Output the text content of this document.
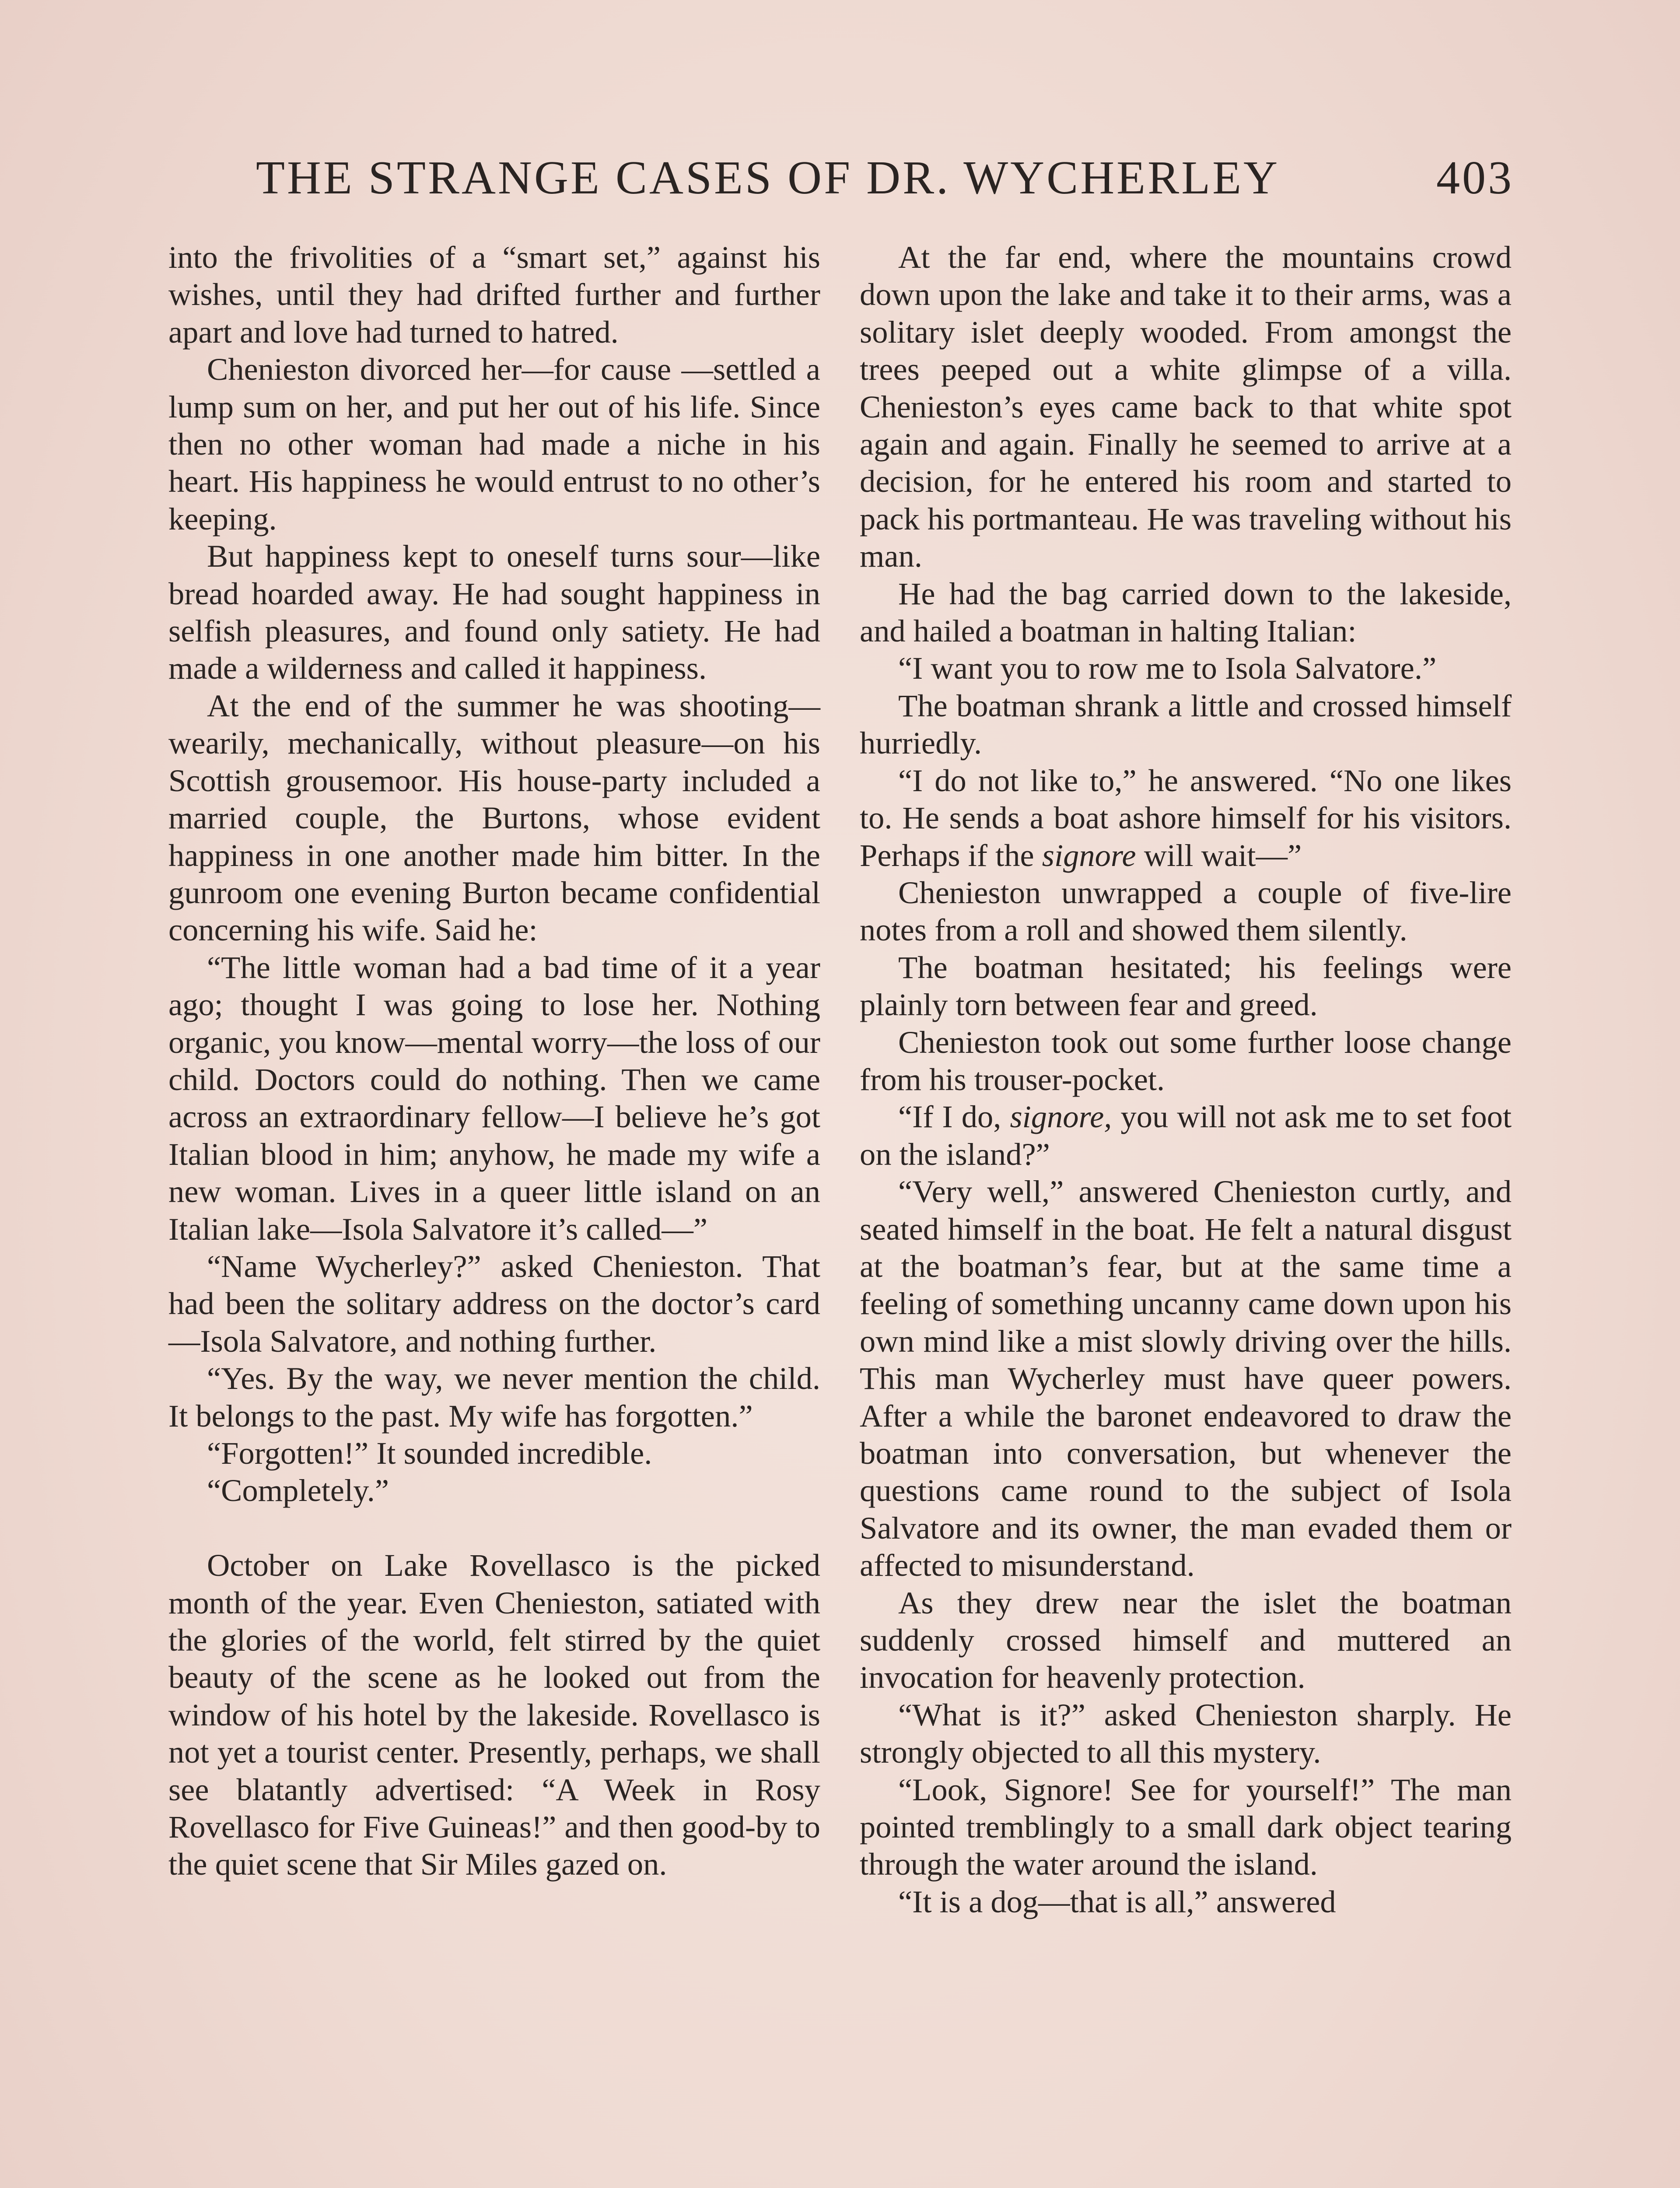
THE STRANGE CASES OF DR. WYCHERLEY	403

into the frivolities of a “smart set,” against his wishes, until they had drifted further and further apart and love had turned to hatred.

Chenieston divorced her—for cause —settled a lump sum on her, and put her out of his life. Since then no other woman had made a niche in his heart. His happiness he would entrust to no other’s keeping.

But happiness kept to oneself turns sour—like bread hoarded away. He had sought happiness in selfish pleasures, and found only satiety. He had made a wilderness and called it happiness.

At the end of the summer he was shooting—wearily, mechanically, without pleasure—on his Scottish grousemoor. His house-party included a married couple, the Burtons, whose evident happiness in one another made him bitter. In the gunroom one evening Burton became confidential concerning his wife. Said he:

“The little woman had a bad time of it a year ago; thought I was going to lose her. Nothing organic, you know—mental worry—the loss of our child. Doctors could do nothing. Then we came across an extraordinary fellow—I believe he’s got Italian blood in him; anyhow, he made my wife a new woman. Lives in a queer little island on an Italian lake—Isola Salvatore it’s called—”

“Name Wycherley?” asked Chenieston. That had been the solitary address on the doctor’s card—Isola Salvatore, and nothing further.

“Yes. By the way, we never mention the child. It belongs to the past. My wife has forgotten.”

“Forgotten!” It sounded incredible.

“Completely.”

October on Lake Rovellasco is the picked month of the year. Even Chenieston, satiated with the glories of the world, felt stirred by the quiet beauty of the scene as he looked out from the window of his hotel by the lakeside. Rovellasco is not yet a tourist center. Presently, perhaps, we shall see blatantly advertised: “A Week in Rosy Rovellasco for Five Guineas!” and then good-by to the quiet scene that Sir Miles gazed on.

At the far end, where the mountains crowd down upon the lake and take it to their arms, was a solitary islet deeply wooded. From amongst the trees peeped out a white glimpse of a villa. Chenieston’s eyes came back to that white spot again and again. Finally he seemed to arrive at a decision, for he entered his room and started to pack his portmanteau. He was traveling without his man.

He had the bag carried down to the lakeside, and hailed a boatman in halting Italian:

“I want you to row me to Isola Salvatore.”

The boatman shrank a little and crossed himself hurriedly.

“I do not like to,” he answered. “No one likes to. He sends a boat ashore himself for his visitors. Perhaps if the signore will wait—”

Chenieston unwrapped a couple of five-lire notes from a roll and showed them silently.

The boatman hesitated; his feelings were plainly torn between fear and greed.

Chenieston took out some further loose change from his trouser-pocket.

“If I do, signore, you will not ask me to set foot on the island?”

“Very well,” answered Chenieston curtly, and seated himself in the boat. He felt a natural disgust at the boatman’s fear, but at the same time a feeling of something uncanny came down upon his own mind like a mist slowly driving over the hills. This man Wycherley must have queer powers. After a while the baronet endeavored to draw the boatman into conversation, but whenever the questions came round to the subject of Isola Salvatore and its owner, the man evaded them or affected to misunderstand.

As they drew near the islet the boatman suddenly crossed himself and muttered an invocation for heavenly protection.

“What is it?” asked Chenieston sharply. He strongly objected to all this mystery.

“Look, Signore! See for yourself!” The man pointed tremblingly to a small dark object tearing through the water around the island.

“It is a dog—that is all,” answered
